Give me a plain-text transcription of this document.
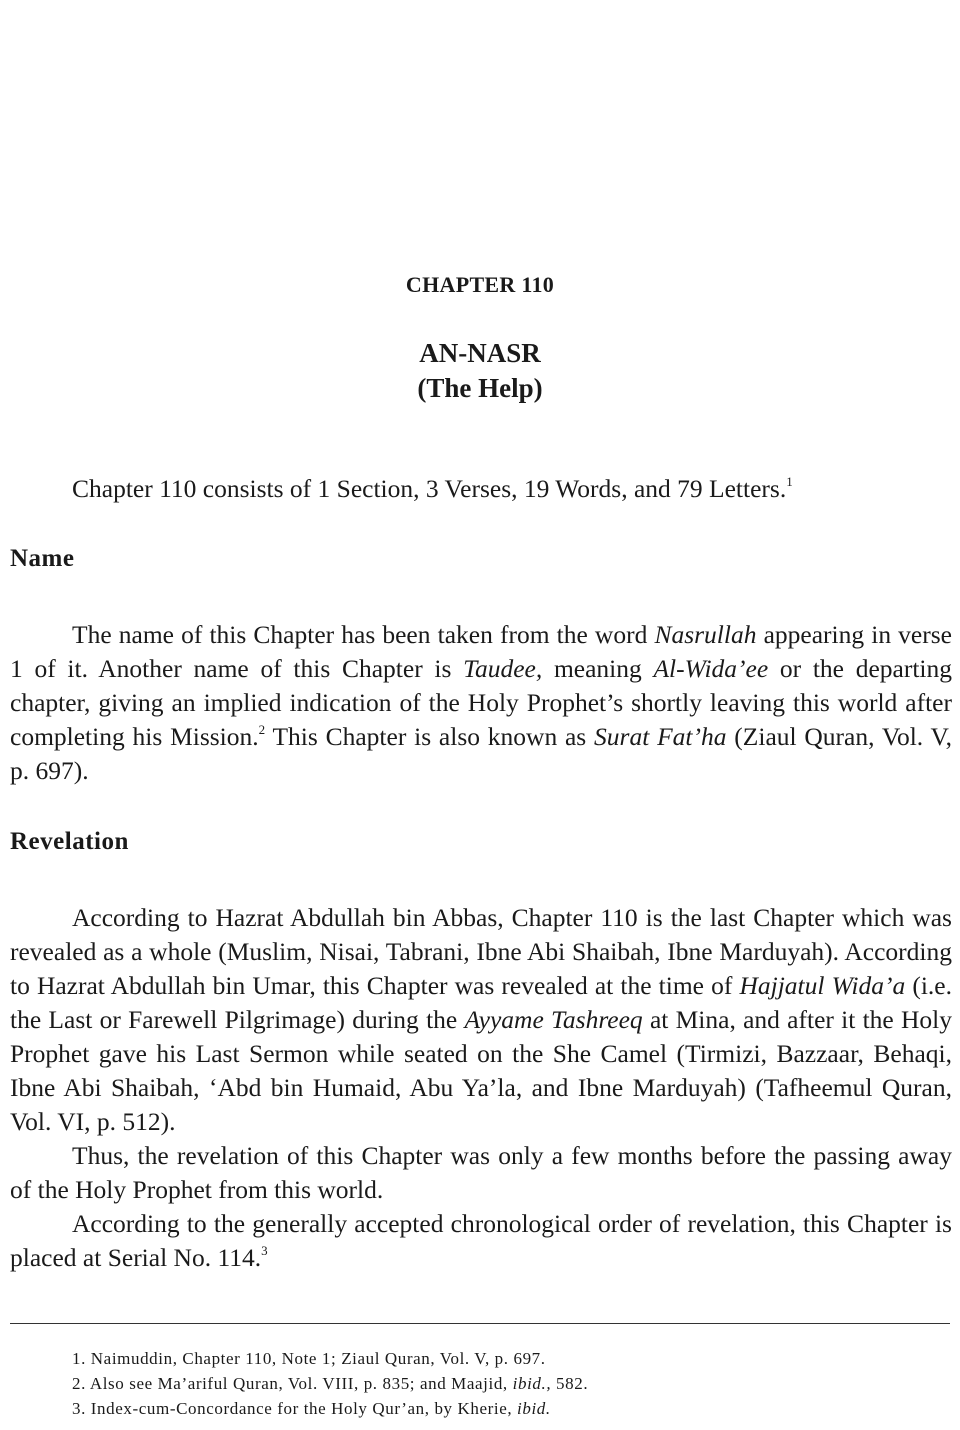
CHAPTER 110
AN-NASR
(The Help)

Chapter 110 consists of 1 Section, 3 Verses, 19 Words, and 79 Letters.$^1$

Name

The name of this Chapter has been taken from the word Nasrullah appearing in verse 1 of it. Another name of this Chapter is Taudee, meaning Al-Wida’ee or the departing chapter, giving an implied indication of the Holy Prophet’s shortly leaving this world after completing his Mission.$^2$ This Chapter is also known as Surat Fat’ha (Ziaul Quran, Vol. V, p. 697).

Revelation

According to Hazrat Abdullah bin Abbas, Chapter 110 is the last Chapter which was revealed as a whole (Muslim, Nisai, Tabrani, Ibne Abi Shaibah, Ibne Marduyah). According to Hazrat Abdullah bin Umar, this Chapter was revealed at the time of Hajjatul Wida’a (i.e. the Last or Farewell Pilgrimage) during the Ayyame Tashreeq at Mina, and after it the Holy Prophet gave his Last Sermon while seated on the She Camel (Tirmizi, Bazzaar, Behaqi, Ibne Abi Shaibah, ‘Abd bin Humaid, Abu Ya’la, and Ibne Marduyah) (Tafheemul Quran, Vol. VI, p. 512).

Thus, the revelation of this Chapter was only a few months before the passing away of the Holy Prophet from this world.

According to the generally accepted chronological order of revelation, this Chapter is placed at Serial No. 114.$^3$

1. Naimuddin, Chapter 110, Note 1; Ziaul Quran, Vol. V, p. 697.
2. Also see Ma’ariful Quran, Vol. VIII, p. 835; and Maajid, ibid., 582.
3. Index-cum-Concordance for the Holy Qur’an, by Kherie, ibid.
